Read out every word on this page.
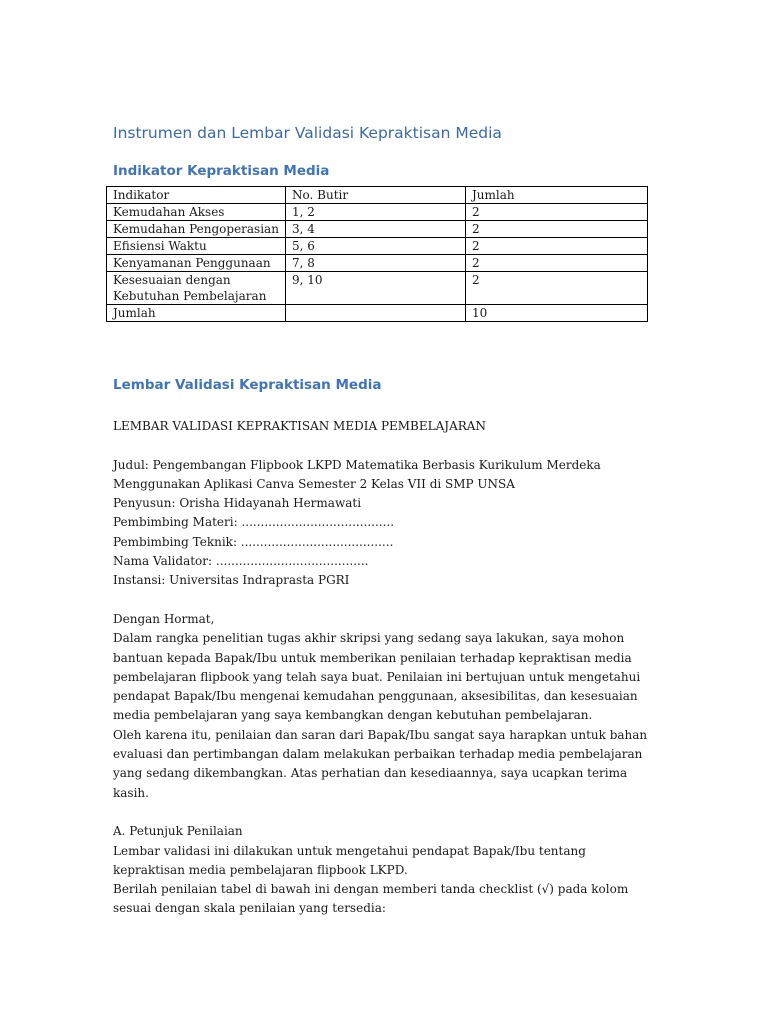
Instrumen dan Lembar Validasi Kepraktisan Media
Indikator Kepraktisan Media
Indikator	No. Butir	Jumlah
Kemudahan Akses	1, 2	2
Kemudahan Pengoperasian	3, 4	2
Efisiensi Waktu	5, 6	2
Kenyamanan Penggunaan	7, 8	2
Kesesuaian dengan Kebutuhan Pembelajaran	9, 10	2
Jumlah		10
Lembar Validasi Kepraktisan Media

LEMBAR VALIDASI KEPRAKTISAN MEDIA PEMBELAJARAN

Judul: Pengembangan Flipbook LKPD Matematika Berbasis Kurikulum Merdeka

Menggunakan Aplikasi Canva Semester 2 Kelas VII di SMP UNSA

Penyusun: Orisha Hidayanah Hermawati

Pembimbing Materi: ........................................

Pembimbing Teknik: ........................................

Nama Validator: ........................................

Instansi: Universitas Indraprasta PGRI

Dengan Hormat,

Dalam rangka penelitian tugas akhir skripsi yang sedang saya lakukan, saya mohon bantuan kepada Bapak/Ibu untuk memberikan penilaian terhadap kepraktisan media pembelajaran flipbook yang telah saya buat. Penilaian ini bertujuan untuk mengetahui pendapat Bapak/Ibu mengenai kemudahan penggunaan, aksesibilitas, dan kesesuaian media pembelajaran yang saya kembangkan dengan kebutuhan pembelajaran.

Oleh karena itu, penilaian dan saran dari Bapak/Ibu sangat saya harapkan untuk bahan evaluasi dan pertimbangan dalam melakukan perbaikan terhadap media pembelajaran yang sedang dikembangkan. Atas perhatian dan kesediaannya, saya ucapkan terima kasih.

A. Petunjuk Penilaian

Lembar validasi ini dilakukan untuk mengetahui pendapat Bapak/Ibu tentang kepraktisan media pembelajaran flipbook LKPD.

Berilah penilaian tabel di bawah ini dengan memberi tanda checklist (√) pada kolom sesuai dengan skala penilaian yang tersedia:
